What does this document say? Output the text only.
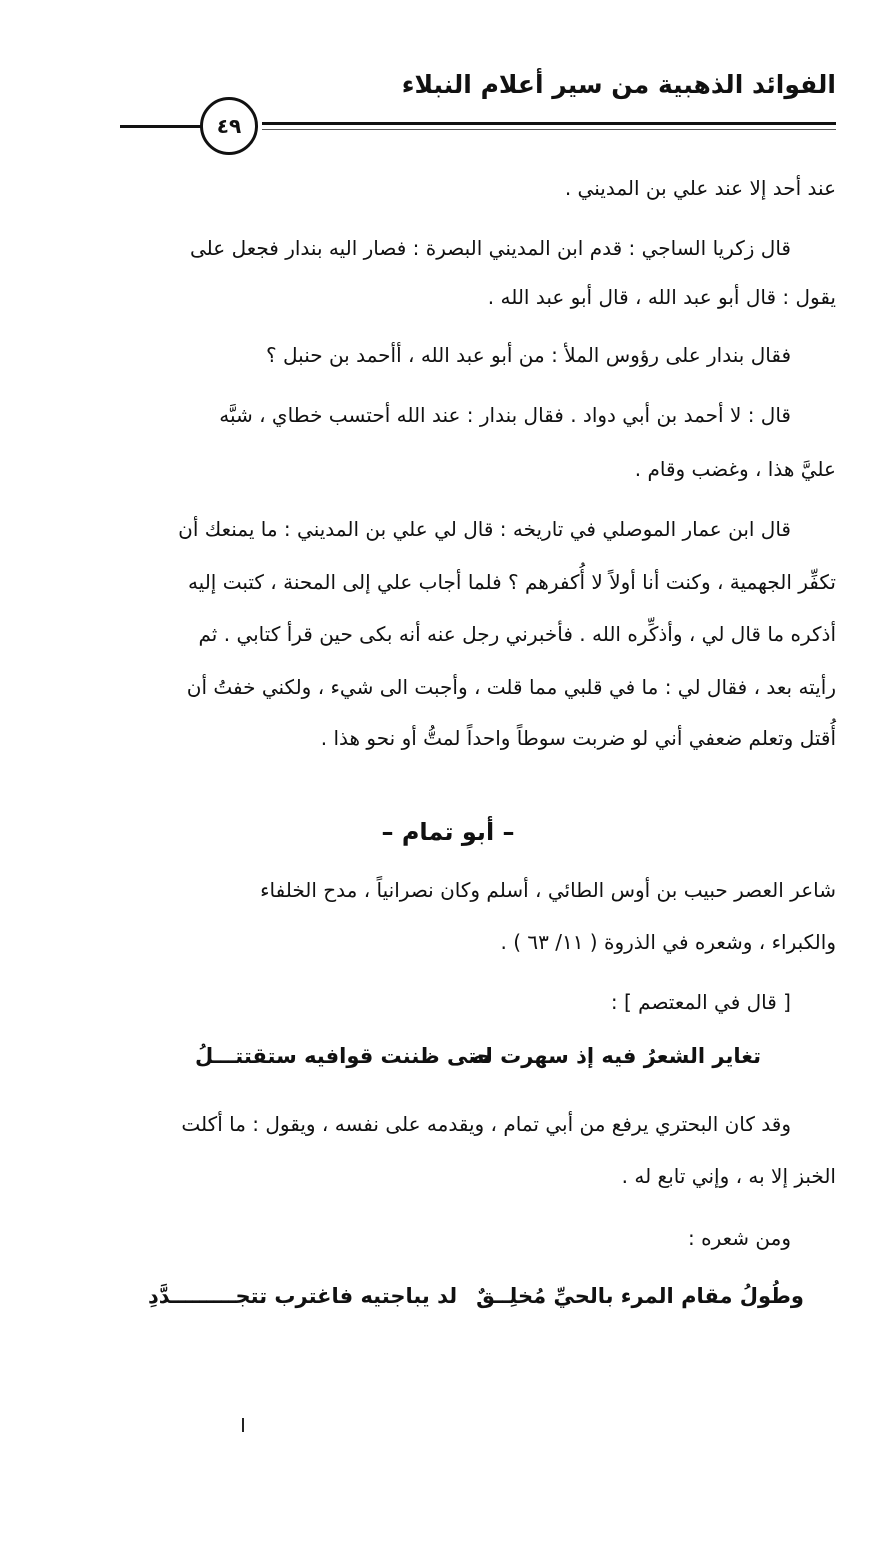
الفوائد الذهبية من سير أعلام النبلاء
٤٩
عند أحد إلا عند علي بن المديني .
قال زكريا الساجي : قدم ابن المديني البصرة : فصار اليه بندار فجعل على
يقول : قال أبو عبد الله ، قال أبو عبد الله .
فقال بندار على رؤوس الملأ : من أبو عبد الله ، أأحمد بن حنبل ؟
قال : لا أحمد بن أبي دواد . فقال بندار : عند الله أحتسب خطاي ، شبَّه
عليَّ هذا ، وغضب وقام .
قال ابن عمار الموصلي في تاريخه : قال لي علي بن المديني : ما يمنعك أن
تكفِّر الجهمية ، وكنت أنا أولاً لا أُكفرهم ؟ فلما أجاب علي إلى المحنة ، كتبت إليه
أذكره ما قال لي ، وأذكِّره الله . فأخبرني رجل عنه أنه بكى حين قرأ كتابي . ثم
رأيته بعد ، فقال لي : ما في قلبي مما قلت ، وأجبت الى شيء ، ولكني خفتُ أن
أُقتل وتعلم ضعفي أني لو ضربت سوطاً واحداً لمتُّ أو نحو هذا .
– أبو تمام –
شاعر العصر حبيب بن أوس الطائي ، أسلم وكان نصرانياً ، مدح الخلفاء
والكبراء ، وشعره في الذروة ( ١١/ ٦٣ ) .
[ قال في المعتصم ] :
تغاير الشعرُ فيه إذ سهرت له
حتى ظننت قوافيه ستقتتـــلُ
وقد كان البحتري يرفع من أبي تمام ، ويقدمه على نفسه ، ويقول : ما أكلت
الخبز إلا به ، وإني تابع له .
ومن شعره :
وطُولُ مقام المرء بالحيِّ مُخلِــقٌ
لد يباجتيه فاغترب تتجـــــــــدَّدِ
